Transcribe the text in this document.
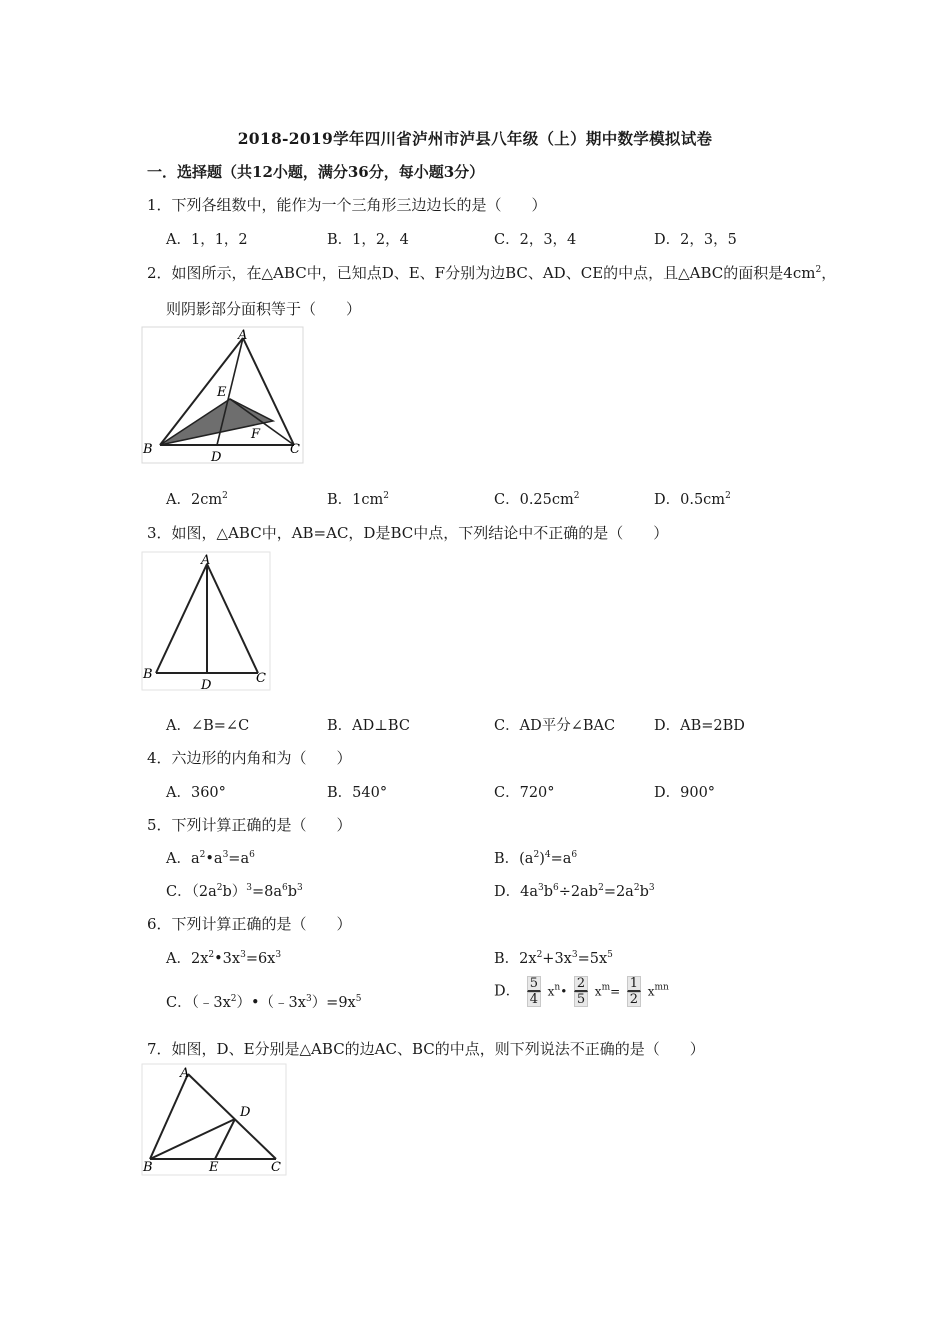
2018-2019学年四川省泸州市泸县八年级（上）期中数学模拟试卷
一．选择题（共12小题，满分36分，每小题3分）
1．下列各组数中，能作为一个三角形三边边长的是（　　）
A．1，1，2	B．1，2，4	C．2，3，4	D．2，3，5
2．如图所示，在△ABC中，已知点D、E、F分别为边BC、AD、CE的中点，且△ABC的面积是$4cm^2$，
则阴影部分面积等于（　　）
A
E
B
F
D
C
A．$2cm^2$	B．$1cm^2$	C．$0.25cm^2$	D．$0.5cm^2$
3．如图，△ABC中，AB=AC，D是BC中点，下列结论中不正确的是（　　）
A
B
D	C
A．∠B=∠C	B．AD⊥BC	C．AD平分∠BAC	D．AB=2BD
4．六边形的内角和为（　　）
A．360°	B．540°	C．720°	D．900°
5．下列计算正确的是（　　）
A．$a^2•a^3=a^6$	B．$(a^2)^4=a^6$
C．$(2a^2b)^3=8a^6b^3$	D．$4a^3b^6\div 2ab^2=2a^2b^3$
6．下列计算正确的是（　　）
A．$2x^2•3x^3=6x^3$	B．$2x^2+3x^3=5x^5$
C．$(﹣3x^2)•(﹣3x^3)=9x^5$	D． $\frac{5}{4}$ $x^n• \frac{2}{5} x^m= \frac{1}{2} x^{mn}$
7．如图，D、E分别是△ABC的边AC、BC的中点，则下列说法不正确的是（　　）
A
D
B	E	C
